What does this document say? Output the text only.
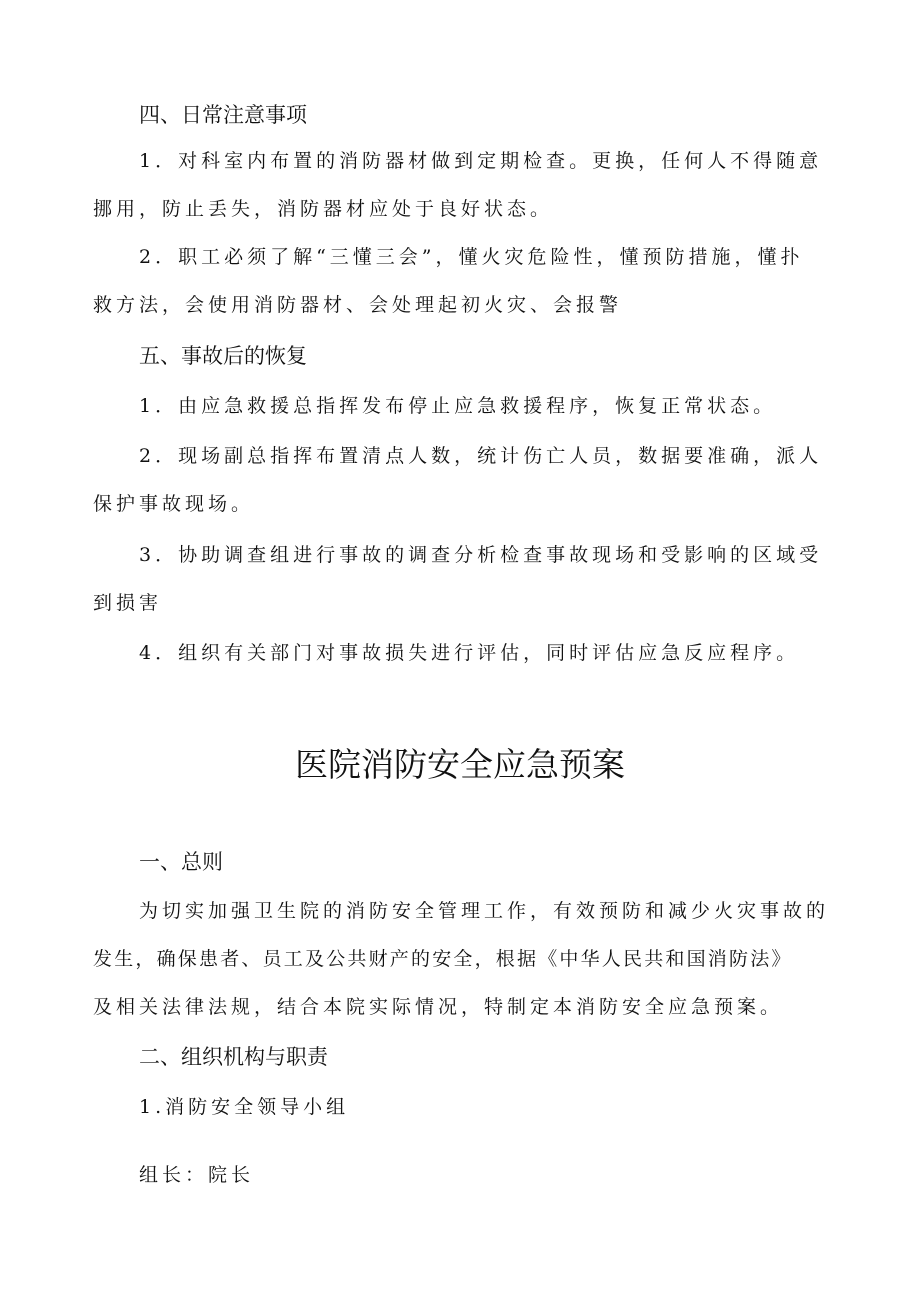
四、日常注意事项
1．对科室内布置的消防器材做到定期检查。更换，任何人不得随意
挪用，防止丢失，消防器材应处于良好状态。
2．职工必须了解“三懂三会”，懂火灾危险性，懂预防措施，懂扑
救方法，会使用消防器材、会处理起初火灾、会报警
五、事故后的恢复
1．由应急救援总指挥发布停止应急救援程序，恢复正常状态。
2．现场副总指挥布置清点人数，统计伤亡人员，数据要准确，派人
保护事故现场。
3．协助调查组进行事故的调查分析检查事故现场和受影响的区域受
到损害
4．组织有关部门对事故损失进行评估，同时评估应急反应程序。
医院消防安全应急预案
一、总则
为切实加强卫生院的消防安全管理工作，有效预防和减少火灾事故的
发生，确保患者、员工及公共财产的安全，根据《中华人民共和国消防法》
及相关法律法规，结合本院实际情况，特制定本消防安全应急预案。
二、组织机构与职责
1.消防安全领导小组
组长：院长
